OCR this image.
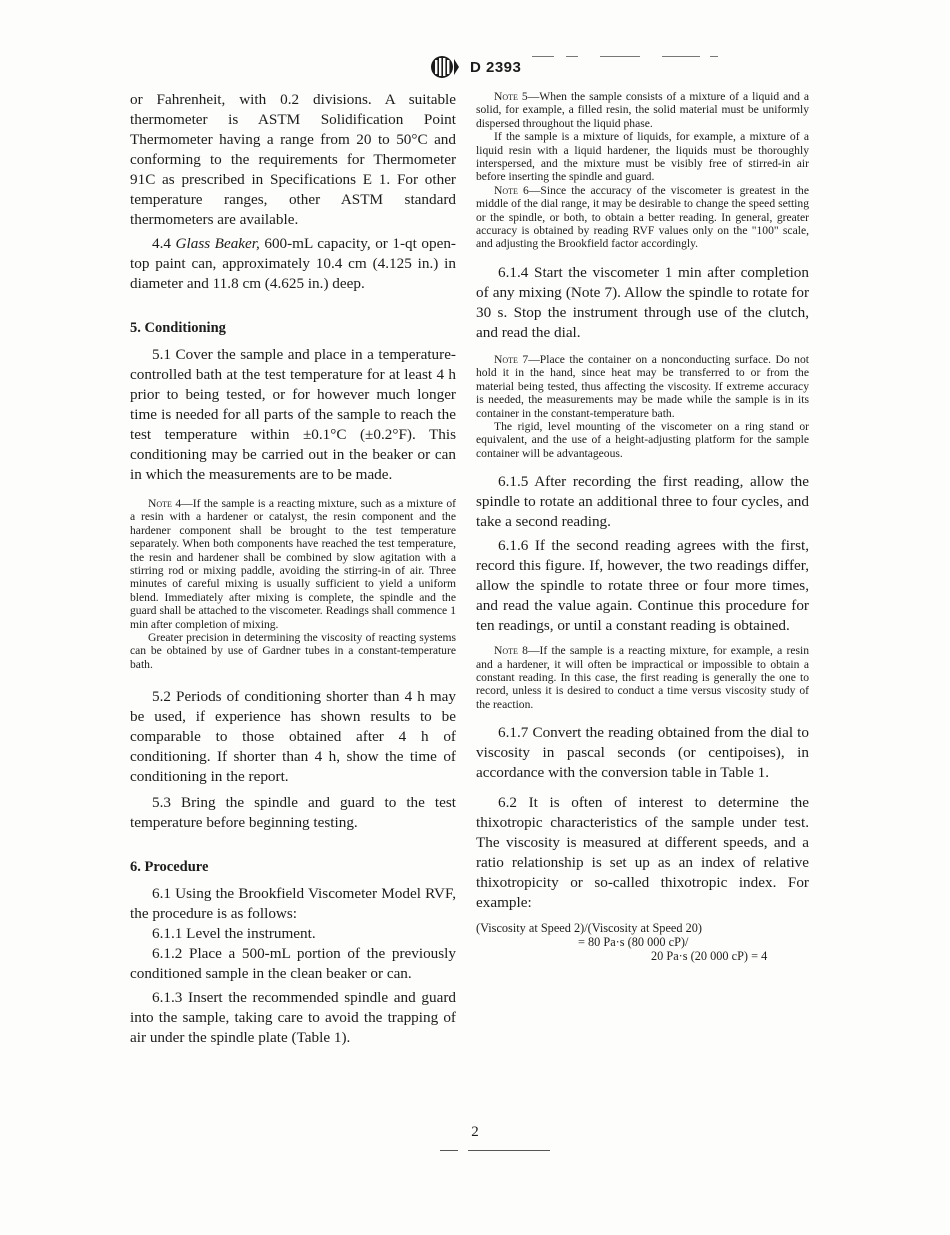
D 2393

or Fahrenheit, with 0.2 divisions. A suitable thermometer is ASTM Solidification Point Thermometer having a range from 20 to 50°C and conforming to the requirements for Thermometer 91C as prescribed in Specifications E 1. For other temperature ranges, other ASTM standard thermometers are available.

4.4 Glass Beaker, 600-mL capacity, or 1-qt open-top paint can, approximately 10.4 cm (4.125 in.) in diameter and 11.8 cm (4.625 in.) deep.

5. Conditioning

5.1 Cover the sample and place in a temperature-controlled bath at the test temperature for at least 4 h prior to being tested, or for however much longer time is needed for all parts of the sample to reach the test temperature within ±0.1°C (±0.2°F). This conditioning may be carried out in the beaker or can in which the measurements are to be made.

Note 4—If the sample is a reacting mixture, such as a mixture of a resin with a hardener or catalyst, the resin component and the hardener component shall be brought to the test temperature separately. When both components have reached the test temperature, the resin and hardener shall be combined by slow agitation with a stirring rod or mixing paddle, avoiding the stirring-in of air. Three minutes of careful mixing is usually sufficient to yield a uniform blend. Immediately after mixing is complete, the spindle and the guard shall be attached to the viscometer. Readings shall commence 1 min after completion of mixing.

Greater precision in determining the viscosity of reacting systems can be obtained by use of Gardner tubes in a constant-temperature bath.

5.2 Periods of conditioning shorter than 4 h may be used, if experience has shown results to be comparable to those obtained after 4 h of conditioning. If shorter than 4 h, show the time of conditioning in the report.

5.3 Bring the spindle and guard to the test temperature before beginning testing.

6. Procedure

6.1 Using the Brookfield Viscometer Model RVF, the procedure is as follows:

6.1.1 Level the instrument.

6.1.2 Place a 500-mL portion of the previously conditioned sample in the clean beaker or can.

6.1.3 Insert the recommended spindle and guard into the sample, taking care to avoid the trapping of air under the spindle plate (Table 1).

Note 5—When the sample consists of a mixture of a liquid and a solid, for example, a filled resin, the solid material must be uniformly dispersed throughout the liquid phase.

If the sample is a mixture of liquids, for example, a mixture of a liquid resin with a liquid hardener, the liquids must be thoroughly interspersed, and the mixture must be visibly free of stirred-in air before inserting the spindle and guard.

Note 6—Since the accuracy of the viscometer is greatest in the middle of the dial range, it may be desirable to change the speed setting or the spindle, or both, to obtain a better reading. In general, greater accuracy is obtained by reading RVF values only on the "100" scale, and adjusting the Brookfield factor accordingly.

6.1.4 Start the viscometer 1 min after completion of any mixing (Note 7). Allow the spindle to rotate for 30 s. Stop the instrument through use of the clutch, and read the dial.

Note 7—Place the container on a nonconducting surface. Do not hold it in the hand, since heat may be transferred to or from the material being tested, thus affecting the viscosity. If extreme accuracy is needed, the measurements may be made while the sample is in its container in the constant-temperature bath.

The rigid, level mounting of the viscometer on a ring stand or equivalent, and the use of a height-adjusting platform for the sample container will be advantageous.

6.1.5 After recording the first reading, allow the spindle to rotate an additional three to four cycles, and take a second reading.

6.1.6 If the second reading agrees with the first, record this figure. If, however, the two readings differ, allow the spindle to rotate three or four more times, and read the value again. Continue this procedure for ten readings, or until a constant reading is obtained.

Note 8—If the sample is a reacting mixture, for example, a resin and a hardener, it will often be impractical or impossible to obtain a constant reading. In this case, the first reading is generally the one to record, unless it is desired to conduct a time versus viscosity study of the reaction.

6.1.7 Convert the reading obtained from the dial to viscosity in pascal seconds (or centipoises), in accordance with the conversion table in Table 1.

6.2 It is often of interest to determine the thixotropic characteristics of the sample under test. The viscosity is measured at different speeds, and a ratio relationship is set up as an index of relative thixotropicity or so-called thixotropic index. For example:

(Viscosity at Speed 2)/(Viscosity at Speed 20)

= 80 Pa·s (80 000 cP)/

20 Pa·s (20 000 cP) = 4

2
